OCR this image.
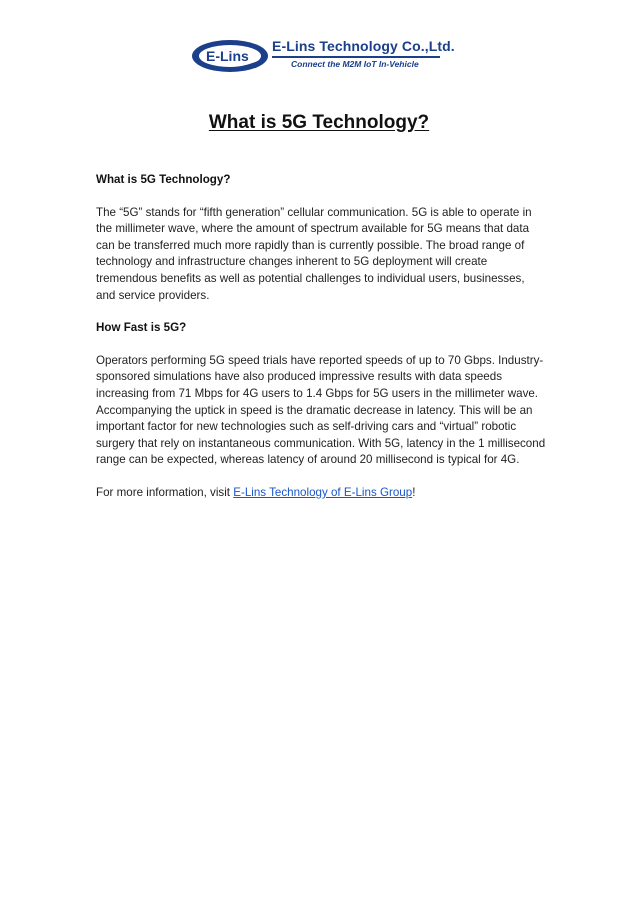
E-Lins
E-Lins Technology Co.,Ltd.
Connect the M2M IoT In-Vehicle
What is 5G Technology?
What is 5G Technology?

The “5G” stands for “fifth generation” cellular communication. 5G is able to operate in the millimeter wave, where the amount of spectrum available for 5G means that data can be transferred much more rapidly than is currently possible. The broad range of technology and infrastructure changes inherent to 5G deployment will create tremendous benefits as well as potential challenges to individual users, businesses, and service providers.

How Fast is 5G?

Operators performing 5G speed trials have reported speeds of up to 70 Gbps. Industry-sponsored simulations have also produced impressive results with data speeds increasing from 71 Mbps for 4G users to 1.4 Gbps for 5G users in the millimeter wave. Accompanying the uptick in speed is the dramatic decrease in latency. This will be an important factor for new technologies such as self-driving cars and “virtual” robotic surgery that rely on instantaneous communication. With 5G, latency in the 1 millisecond range can be expected, whereas latency of around 20 millisecond is typical for 4G.

For more information, visit E-Lins Technology of E-Lins Group!
